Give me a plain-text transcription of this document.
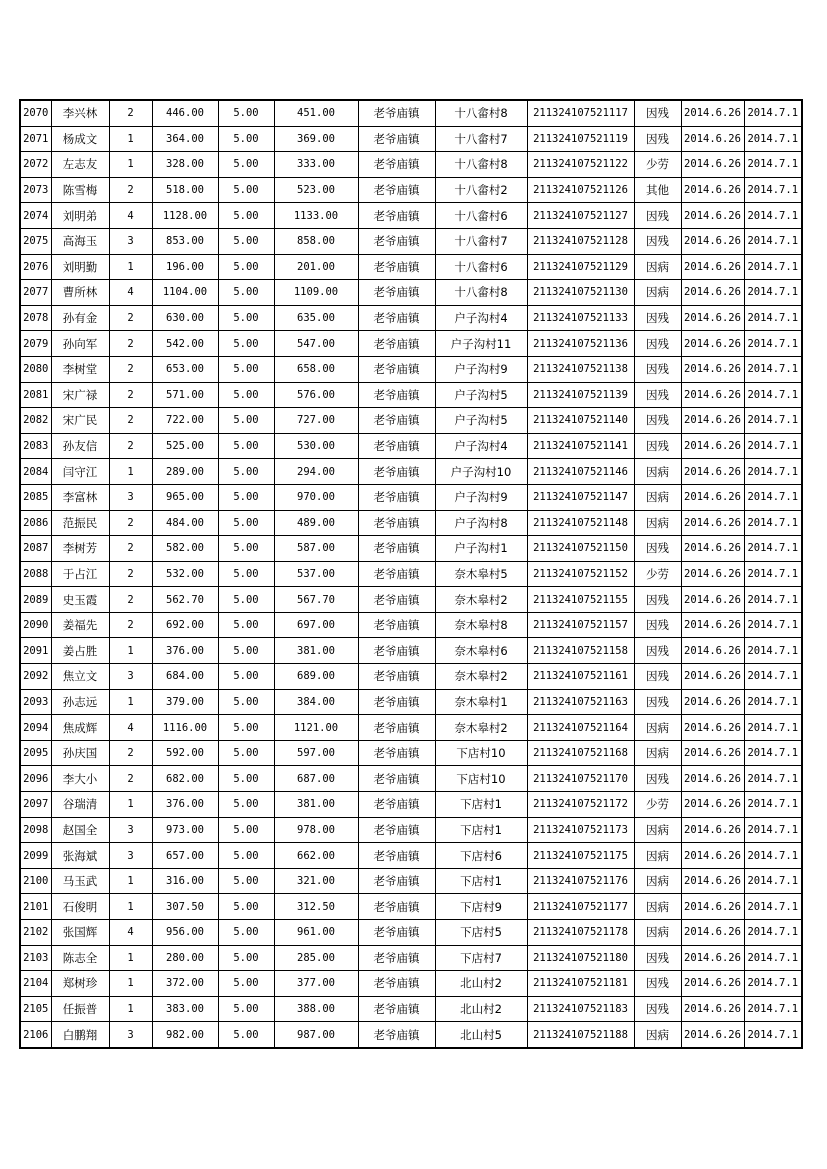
2070	李兴林	2	446.00	5.00	451.00	老爷庙镇	十八畲村8	211324107521117	因残	2014.6.26	2014.7.1
2071	杨成文	1	364.00	5.00	369.00	老爷庙镇	十八畲村7	211324107521119	因残	2014.6.26	2014.7.1
2072	左志友	1	328.00	5.00	333.00	老爷庙镇	十八畲村8	211324107521122	少劳	2014.6.26	2014.7.1
2073	陈雪梅	2	518.00	5.00	523.00	老爷庙镇	十八畲村2	211324107521126	其他	2014.6.26	2014.7.1
2074	刘明弟	4	1128.00	5.00	1133.00	老爷庙镇	十八畲村6	211324107521127	因残	2014.6.26	2014.7.1
2075	高海玉	3	853.00	5.00	858.00	老爷庙镇	十八畲村7	211324107521128	因残	2014.6.26	2014.7.1
2076	刘明勤	1	196.00	5.00	201.00	老爷庙镇	十八畲村6	211324107521129	因病	2014.6.26	2014.7.1
2077	曹所林	4	1104.00	5.00	1109.00	老爷庙镇	十八畲村8	211324107521130	因病	2014.6.26	2014.7.1
2078	孙有金	2	630.00	5.00	635.00	老爷庙镇	户子沟村4	211324107521133	因残	2014.6.26	2014.7.1
2079	孙向军	2	542.00	5.00	547.00	老爷庙镇	户子沟村11	211324107521136	因残	2014.6.26	2014.7.1
2080	李树堂	2	653.00	5.00	658.00	老爷庙镇	户子沟村9	211324107521138	因残	2014.6.26	2014.7.1
2081	宋广禄	2	571.00	5.00	576.00	老爷庙镇	户子沟村5	211324107521139	因残	2014.6.26	2014.7.1
2082	宋广民	2	722.00	5.00	727.00	老爷庙镇	户子沟村5	211324107521140	因残	2014.6.26	2014.7.1
2083	孙友信	2	525.00	5.00	530.00	老爷庙镇	户子沟村4	211324107521141	因残	2014.6.26	2014.7.1
2084	闫守江	1	289.00	5.00	294.00	老爷庙镇	户子沟村10	211324107521146	因病	2014.6.26	2014.7.1
2085	李富林	3	965.00	5.00	970.00	老爷庙镇	户子沟村9	211324107521147	因病	2014.6.26	2014.7.1
2086	范振民	2	484.00	5.00	489.00	老爷庙镇	户子沟村8	211324107521148	因病	2014.6.26	2014.7.1
2087	李树芳	2	582.00	5.00	587.00	老爷庙镇	户子沟村1	211324107521150	因残	2014.6.26	2014.7.1
2088	于占江	2	532.00	5.00	537.00	老爷庙镇	奈木皋村5	211324107521152	少劳	2014.6.26	2014.7.1
2089	史玉霞	2	562.70	5.00	567.70	老爷庙镇	奈木皋村2	211324107521155	因残	2014.6.26	2014.7.1
2090	姜福先	2	692.00	5.00	697.00	老爷庙镇	奈木皋村8	211324107521157	因残	2014.6.26	2014.7.1
2091	姜占胜	1	376.00	5.00	381.00	老爷庙镇	奈木皋村6	211324107521158	因残	2014.6.26	2014.7.1
2092	焦立文	3	684.00	5.00	689.00	老爷庙镇	奈木皋村2	211324107521161	因残	2014.6.26	2014.7.1
2093	孙志远	1	379.00	5.00	384.00	老爷庙镇	奈木皋村1	211324107521163	因残	2014.6.26	2014.7.1
2094	焦成辉	4	1116.00	5.00	1121.00	老爷庙镇	奈木皋村2	211324107521164	因病	2014.6.26	2014.7.1
2095	孙庆国	2	592.00	5.00	597.00	老爷庙镇	下店村10	211324107521168	因病	2014.6.26	2014.7.1
2096	李大小	2	682.00	5.00	687.00	老爷庙镇	下店村10	211324107521170	因残	2014.6.26	2014.7.1
2097	谷瑞清	1	376.00	5.00	381.00	老爷庙镇	下店村1	211324107521172	少劳	2014.6.26	2014.7.1
2098	赵国全	3	973.00	5.00	978.00	老爷庙镇	下店村1	211324107521173	因病	2014.6.26	2014.7.1
2099	张海斌	3	657.00	5.00	662.00	老爷庙镇	下店村6	211324107521175	因病	2014.6.26	2014.7.1
2100	马玉武	1	316.00	5.00	321.00	老爷庙镇	下店村1	211324107521176	因病	2014.6.26	2014.7.1
2101	石俊明	1	307.50	5.00	312.50	老爷庙镇	下店村9	211324107521177	因病	2014.6.26	2014.7.1
2102	张国辉	4	956.00	5.00	961.00	老爷庙镇	下店村5	211324107521178	因病	2014.6.26	2014.7.1
2103	陈志全	1	280.00	5.00	285.00	老爷庙镇	下店村7	211324107521180	因残	2014.6.26	2014.7.1
2104	郑树珍	1	372.00	5.00	377.00	老爷庙镇	北山村2	211324107521181	因残	2014.6.26	2014.7.1
2105	任振普	1	383.00	5.00	388.00	老爷庙镇	北山村2	211324107521183	因残	2014.6.26	2014.7.1
2106	白鹏翔	3	982.00	5.00	987.00	老爷庙镇	北山村5	211324107521188	因病	2014.6.26	2014.7.1
